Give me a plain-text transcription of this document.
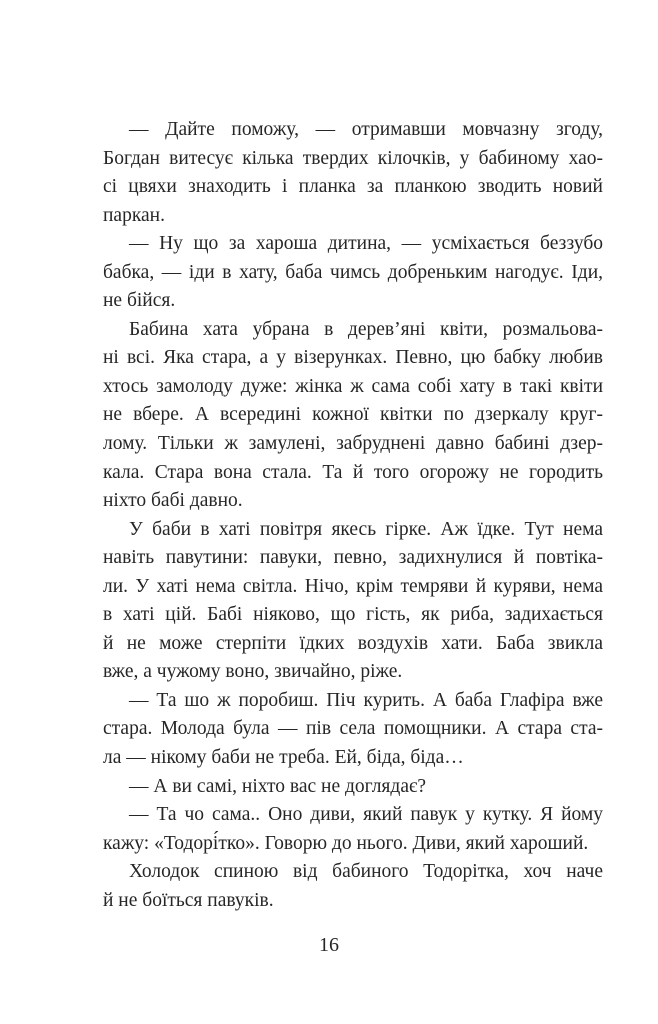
— Дайте поможу, — отримавши мовчазну згоду,
Богдан витесує кілька твердих кілочків, у бабиному хао-
сі цвяхи знаходить і планка за планкою зводить новий
паркан.
— Ну що за хароша дитина, — усміхається беззубо
бабка, — іди в хату, баба чимсь добреньким нагодує. Іди,
не бійся.
Бабина хата убрана в дерев’яні квіти, розмальова-
ні всі. Яка стара, а у візерунках. Певно, цю бабку любив
хтось замолоду дуже: жінка ж сама собі хату в такі квіти
не вбере. А всередині кожної квітки по дзеркалу круг-
лому. Тільки ж замулені, забруднені давно бабині дзер-
кала. Стара вона стала. Та й того огорожу не городить
ніхто бабі давно.
У баби в хаті повітря якесь гірке. Аж їдке. Тут нема
навіть павутини: павуки, певно, задихнулися й повтіка-
ли. У хаті нема світла. Нічо, крім темряви й куряви, нема
в хаті цій. Бабі ніяково, що гість, як риба, задихається
й не може стерпіти їдких воздухів хати. Баба звикла
вже, а чужому воно, звичайно, ріже.
— Та шо ж поробиш. Піч курить. А баба Глафіра вже
стара. Молода була — пів села помощники. А стара ста-
ла — нікому баби не треба. Ей, біда, біда…
— А ви самі, ніхто вас не доглядає?
— Та чо сама.. Оно диви, який павук у кутку. Я йому
кажу: «Тодорі́тко». Говорю до нього. Диви, який хароший.
Холодок спиною від бабиного Тодорітка, хоч наче
й не боїться павуків.
16
